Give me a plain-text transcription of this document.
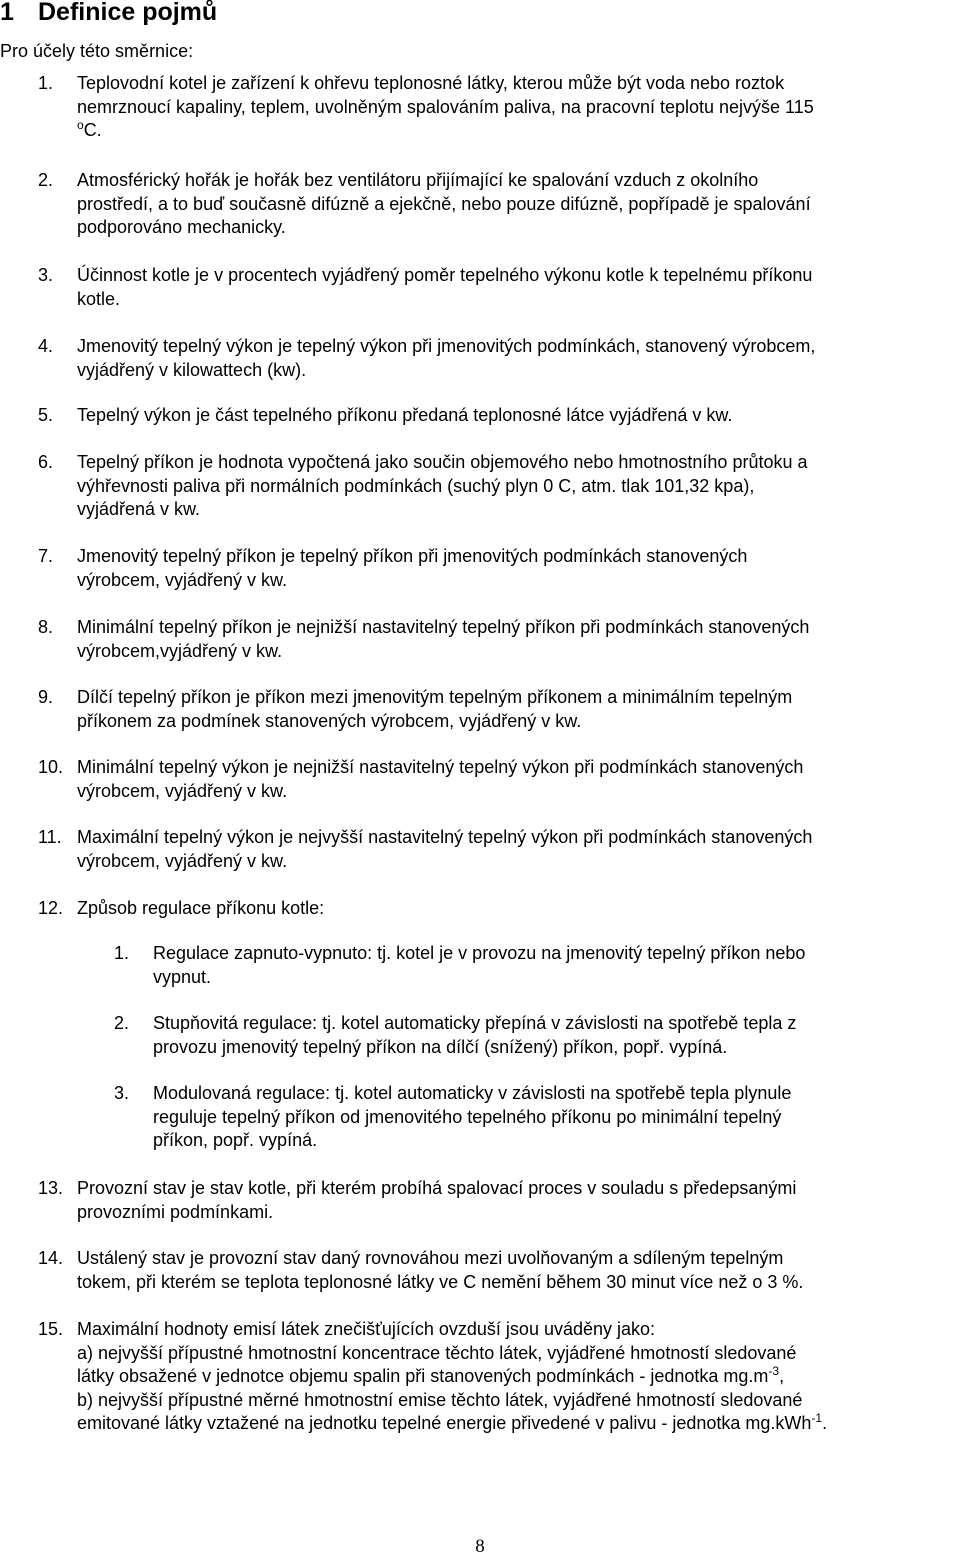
1 Definice pojmů

Pro účely této směrnice:

1. Teplovodní kotel je zařízení k ohřevu teplonosné látky, kterou může být voda nebo roztok
nemrznoucí kapaliny, teplem, uvolněným spalováním paliva, na pracovní teplotu nejvýše 115
$^o$C.
2. Atmosférický hořák je hořák bez ventilátoru přijímající ke spalování vzduch z okolního
prostředí, a to buď současně difúzně a ejekčně, nebo pouze difúzně, popřípadě je spalování
podporováno mechanicky.
3. Účinnost kotle je v procentech vyjádřený poměr tepelného výkonu kotle k tepelnému příkonu
kotle.
4. Jmenovitý tepelný výkon je tepelný výkon při jmenovitých podmínkách, stanovený výrobcem,
vyjádřený v kilowattech (kw).
5. Tepelný výkon je část tepelného příkonu předaná teplonosné látce vyjádřená v kw.
6. Tepelný příkon je hodnota vypočtená jako součin objemového nebo hmotnostního průtoku a
výhřevnosti paliva při normálních podmínkách (suchý plyn 0 C, atm. tlak 101,32 kpa),
vyjádřená v kw.
7. Jmenovitý tepelný příkon je tepelný příkon při jmenovitých podmínkách stanovených
výrobcem, vyjádřený v kw.
8. Minimální tepelný příkon je nejnižší nastavitelný tepelný příkon při podmínkách stanovených
výrobcem,vyjádřený v kw.
9. Dílčí tepelný příkon je příkon mezi jmenovitým tepelným příkonem a minimálním tepelným
příkonem za podmínek stanovených výrobcem, vyjádřený v kw.
10. Minimální tepelný výkon je nejnižší nastavitelný tepelný výkon při podmínkách stanovených
výrobcem, vyjádřený v kw.
11. Maximální tepelný výkon je nejvyšší nastavitelný tepelný výkon při podmínkách stanovených
výrobcem, vyjádřený v kw.
12. Způsob regulace příkonu kotle:
1. Regulace zapnuto-vypnuto: tj. kotel je v provozu na jmenovitý tepelný příkon nebo
vypnut.
2. Stupňovitá regulace: tj. kotel automaticky přepíná v závislosti na spotřebě tepla z
provozu jmenovitý tepelný příkon na dílčí (snížený) příkon, popř. vypíná.
3. Modulovaná regulace: tj. kotel automaticky v závislosti na spotřebě tepla plynule
reguluje tepelný příkon od jmenovitého tepelného příkonu po minimální tepelný
příkon, popř. vypíná.
13. Provozní stav je stav kotle, při kterém probíhá spalovací proces v souladu s předepsanými
provozními podmínkami.
14. Ustálený stav je provozní stav daný rovnováhou mezi uvolňovaným a sdíleným tepelným
tokem, při kterém se teplota teplonosné látky ve C nemění během 30 minut více než o 3 %.
15. Maximální hodnoty emisí látek znečišťujících ovzduší jsou uváděny jako:
a) nejvyšší přípustné hmotnostní koncentrace těchto látek, vyjádřené hmotností sledované
látky obsažené v jednotce objemu spalin při stanovených podmínkách - jednotka $mg.m^{-3}$,
b) nejvyšší přípustné měrné hmotnostní emise těchto látek, vyjádřené hmotností sledované
emitované látky vztažené na jednotku tepelné energie přivedené v palivu - jednotka mg.kWh$^{-1}$.
8
